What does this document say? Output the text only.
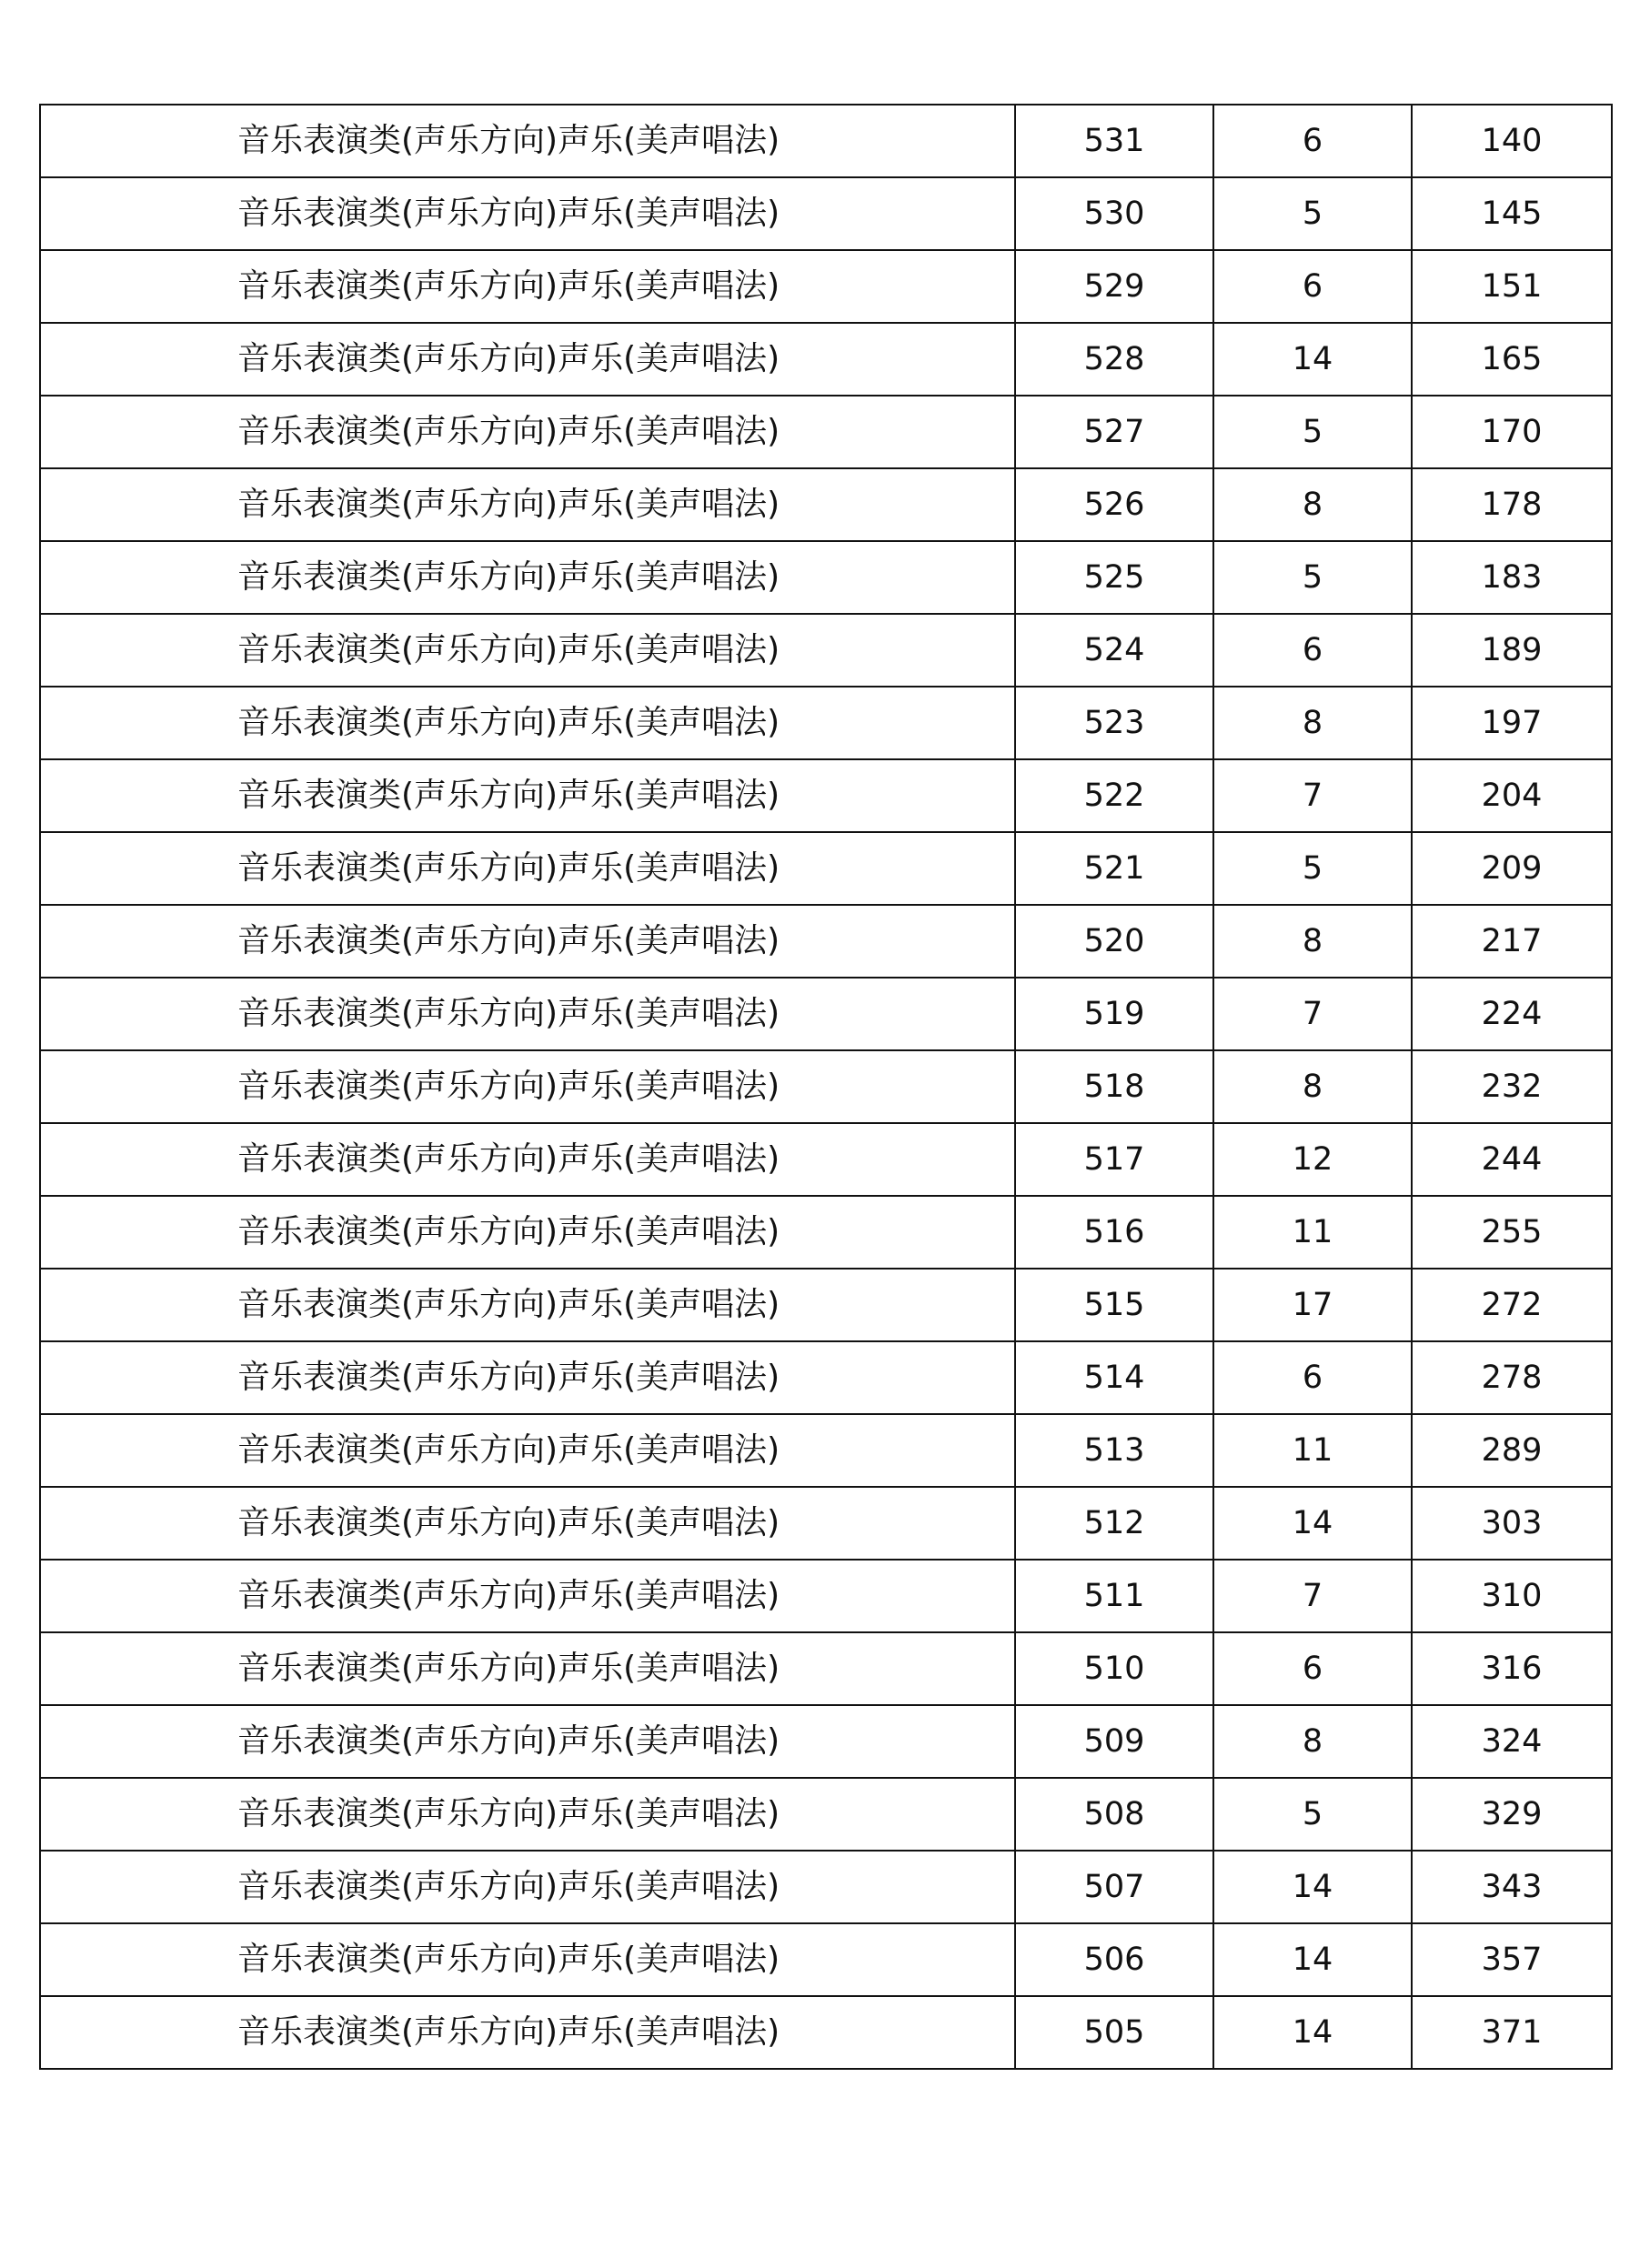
音乐表演类(声乐方向)声乐(美声唱法)	531	6	140
音乐表演类(声乐方向)声乐(美声唱法)	530	5	145
音乐表演类(声乐方向)声乐(美声唱法)	529	6	151
音乐表演类(声乐方向)声乐(美声唱法)	528	14	165
音乐表演类(声乐方向)声乐(美声唱法)	527	5	170
音乐表演类(声乐方向)声乐(美声唱法)	526	8	178
音乐表演类(声乐方向)声乐(美声唱法)	525	5	183
音乐表演类(声乐方向)声乐(美声唱法)	524	6	189
音乐表演类(声乐方向)声乐(美声唱法)	523	8	197
音乐表演类(声乐方向)声乐(美声唱法)	522	7	204
音乐表演类(声乐方向)声乐(美声唱法)	521	5	209
音乐表演类(声乐方向)声乐(美声唱法)	520	8	217
音乐表演类(声乐方向)声乐(美声唱法)	519	7	224
音乐表演类(声乐方向)声乐(美声唱法)	518	8	232
音乐表演类(声乐方向)声乐(美声唱法)	517	12	244
音乐表演类(声乐方向)声乐(美声唱法)	516	11	255
音乐表演类(声乐方向)声乐(美声唱法)	515	17	272
音乐表演类(声乐方向)声乐(美声唱法)	514	6	278
音乐表演类(声乐方向)声乐(美声唱法)	513	11	289
音乐表演类(声乐方向)声乐(美声唱法)	512	14	303
音乐表演类(声乐方向)声乐(美声唱法)	511	7	310
音乐表演类(声乐方向)声乐(美声唱法)	510	6	316
音乐表演类(声乐方向)声乐(美声唱法)	509	8	324
音乐表演类(声乐方向)声乐(美声唱法)	508	5	329
音乐表演类(声乐方向)声乐(美声唱法)	507	14	343
音乐表演类(声乐方向)声乐(美声唱法)	506	14	357
音乐表演类(声乐方向)声乐(美声唱法)	505	14	371
